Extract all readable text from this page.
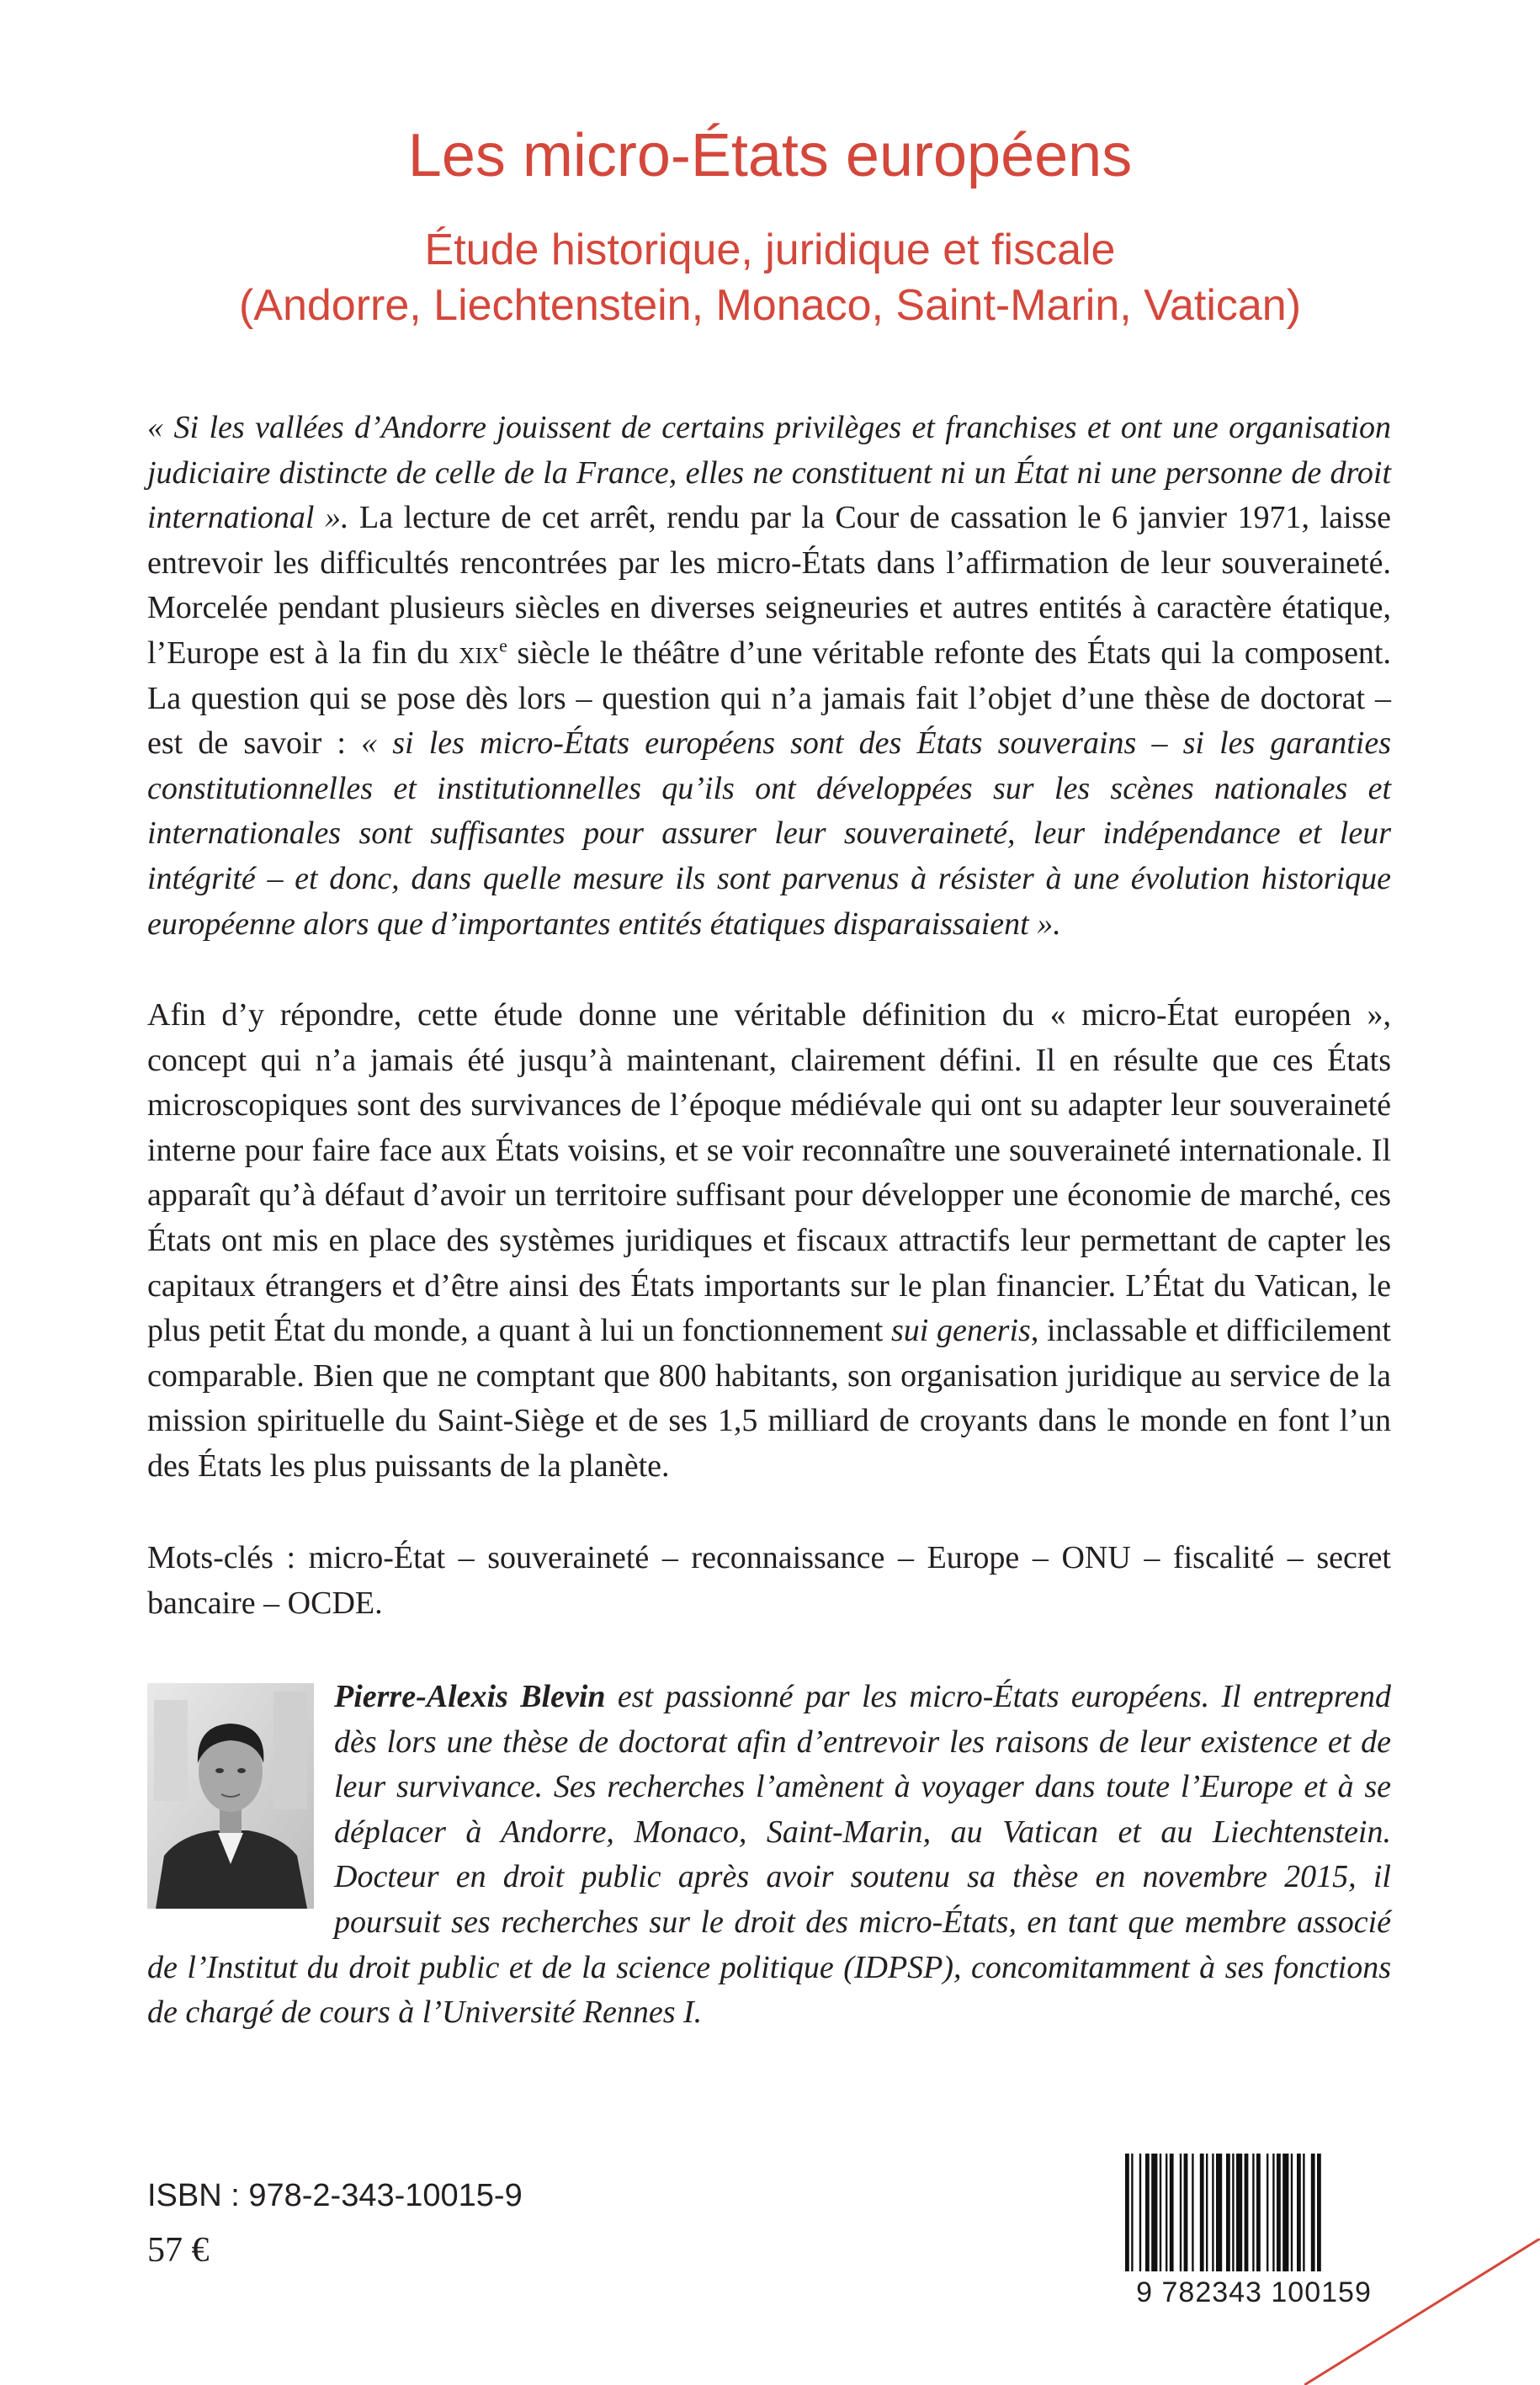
Les micro-États européens
Étude historique, juridique et fiscale
(Andorre, Liechtenstein, Monaco, Saint-Marin, Vatican)
« Si les vallées d’Andorre jouissent de certains privilèges et franchises et ont une organisation judiciaire distincte de celle de la France, elles ne constituent ni un État ni une personne de droit international ». La lecture de cet arrêt, rendu par la Cour de cassation le 6 janvier 1971, laisse entrevoir les difficultés rencontrées par les micro-États dans l’affirmation de leur souveraineté. Morcelée pendant plusieurs siècles en diverses seigneuries et autres entités à caractère étatique, l’Europe est à la fin du xix$^e$ siècle le théâtre d’une véritable refonte des États qui la composent. La question qui se pose dès lors – question qui n’a jamais fait l’objet d’une thèse de doctorat – est de savoir : « si les micro-États européens sont des États souverains – si les garanties constitutionnelles et institutionnelles qu’ils ont développées sur les scènes nationales et internationales sont suffisantes pour assurer leur souveraineté, leur indépendance et leur intégrité – et donc, dans quelle mesure ils sont parvenus à résister à une évolution historique européenne alors que d’importantes entités étatiques disparaissaient ».
Afin d’y répondre, cette étude donne une véritable définition du « micro-État européen », concept qui n’a jamais été jusqu’à maintenant, clairement défini. Il en résulte que ces États microscopiques sont des survivances de l’époque médiévale qui ont su adapter leur souveraineté interne pour faire face aux États voisins, et se voir reconnaître une souveraineté internationale. Il apparaît qu’à défaut d’avoir un territoire suffisant pour développer une économie de marché, ces États ont mis en place des systèmes juridiques et fiscaux attractifs leur permettant de capter les capitaux étrangers et d’être ainsi des États importants sur le plan financier. L’État du Vatican, le plus petit État du monde, a quant à lui un fonctionnement sui generis, inclassable et difficilement comparable. Bien que ne comptant que 800 habitants, son organisation juridique au service de la mission spirituelle du Saint-Siège et de ses 1,5 milliard de croyants dans le monde en font l’un des États les plus puissants de la planète.
Mots-clés : micro-État – souveraineté – reconnaissance – Europe – ONU – fiscalité – secret bancaire – OCDE.
Pierre-Alexis Blevin est passionné par les micro-États européens. Il entreprend dès lors une thèse de doctorat afin d’entrevoir les raisons de leur existence et de leur survivance. Ses recherches l’amènent à voyager dans toute l’Europe et à se déplacer à Andorre, Monaco, Saint-Marin, au Vatican et au Liechtenstein. Docteur en droit public après avoir soutenu sa thèse en novembre 2015, il poursuit ses recherches sur le droit des micro-États, en tant que membre associé de l’Institut du droit public et de la science politique (IDPSP), concomitamment à ses fonctions de chargé de cours à l’Université Rennes I.
ISBN : 978-2-343-10015-9
57 €
9 782343 100159
